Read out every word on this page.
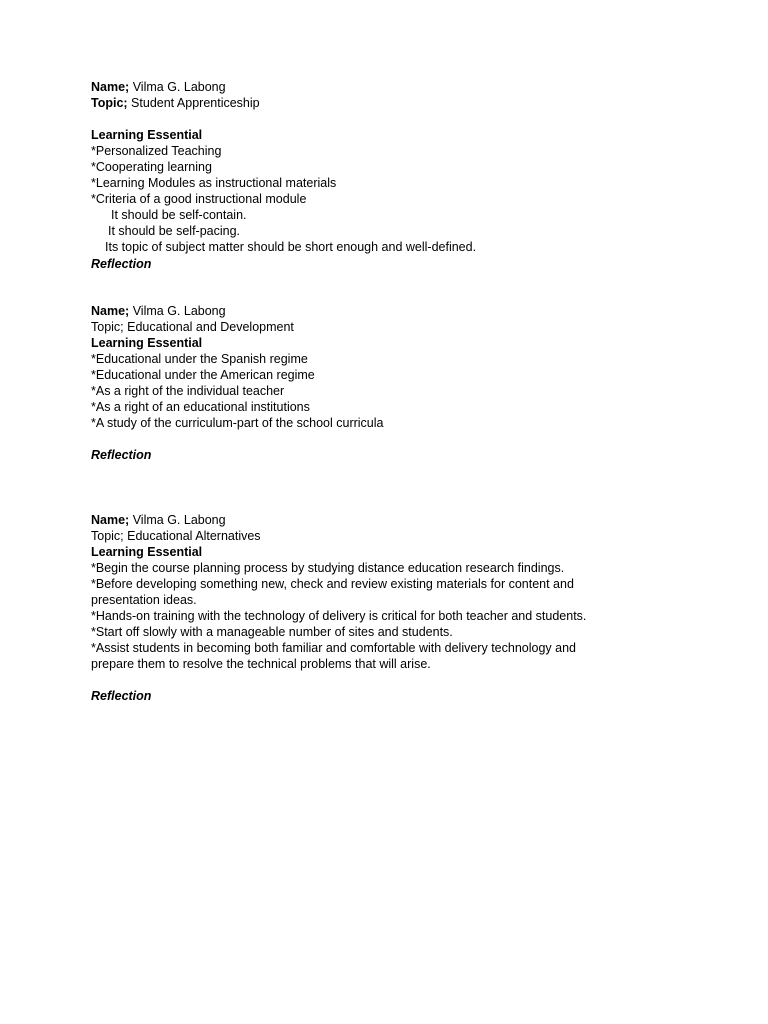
Name; Vilma G. Labong
Topic; Student Apprenticeship
Learning Essential
*Personalized Teaching
*Cooperating learning
*Learning Modules as instructional materials
*Criteria of a good instructional module
It should be self-contain.
It should be self-pacing.
Its topic of subject matter should be short enough and well-defined.
Reflection
Name; Vilma G. Labong
Topic; Educational and Development
Learning Essential
*Educational under the Spanish regime
*Educational under the American regime
*As a right of the individual teacher
*As a right of an educational institutions
*A study of the curriculum-part of the school curricula
Reflection
Name; Vilma G. Labong
Topic; Educational Alternatives
Learning Essential
*Begin the course planning process by studying distance education research findings.
*Before developing something new, check and review existing materials for content and
presentation ideas.
*Hands-on training with the technology of delivery is critical for both teacher and students.
*Start off slowly with a manageable number of sites and students.
*Assist students in becoming both familiar and comfortable with delivery technology and
prepare them to resolve the technical problems that will arise.
Reflection
